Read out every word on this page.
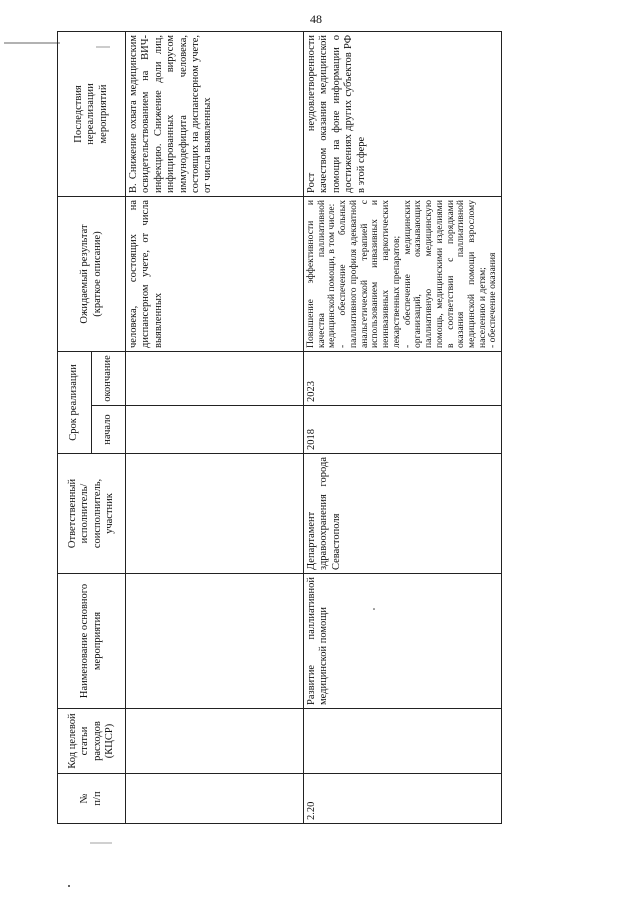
48
№
п/п	Код целевой
статьи
расходов
(КЦСР)	Наименование основного
мероприятия	Ответственный
исполнитель/соисполнитель,
участник	Срок реализации		Ожидаемый результат
(краткое описание)	Последствия
нереализации
мероприятий
				начало	окончание		
						человека, состоящих на диспансерном учете, от числа выявленных	В. Снижение охвата медицинским освидетельствованием на ВИЧ-инфекцию. Снижение доли лиц, инфицированных вирусом иммунодефицита человека, состоящих на диспансерном учете, от числа выявленных
2.20		Развитие паллиативной медицинской помощи	Департамент здравоохранения города Севастополя	2018	2023	Повышение эффективности и качества паллиативной медицинской помощи, в том числе:
- обеспечение больных паллиативного профиля адекватной анальгетической терапией с использованием инвазивных и неинвазивных наркотических лекарственных препаратов;
- обеспечение медицинских организаций, оказывающих паллиативную медицинскую помощь, медицинскими изделиями в соответствии с порядками оказания паллиативной медицинской помощи взрослому населению и детям;
- обеспечение оказания	Рост неудовлетворенности качеством оказания медицинской помощи на фоне информации о достижениях других субъектов РФ в этой сфере
